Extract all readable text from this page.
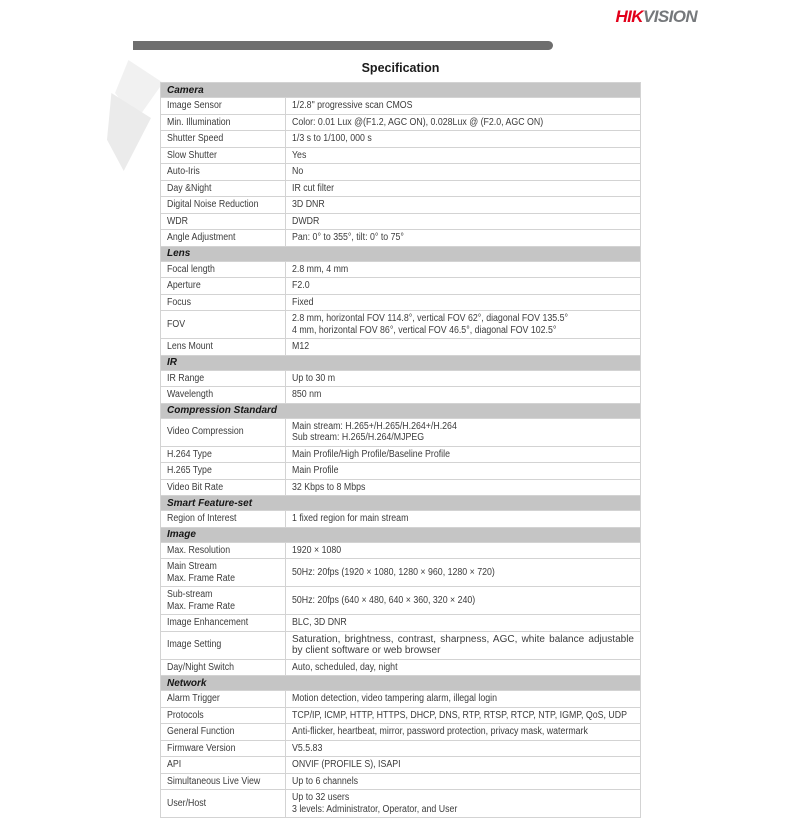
HIKVISION
Specification
Camera	
Image Sensor	1/2.8" progressive scan CMOS
Min. Illumination	Color: 0.01 Lux @(F1.2, AGC ON), 0.028Lux @ (F2.0, AGC ON)
Shutter Speed	1/3 s to 1/100, 000 s
Slow Shutter	Yes
Auto-Iris	No
Day &Night	IR cut filter
Digital Noise Reduction	3D DNR
WDR	DWDR
Angle Adjustment	Pan: 0° to 355°, tilt: 0° to 75°
Lens	
Focal length	2.8 mm, 4 mm
Aperture	F2.0
Focus	Fixed
FOV	2.8 mm, horizontal FOV 114.8°, vertical FOV 62°, diagonal FOV 135.5°
4 mm, horizontal FOV 86°, vertical FOV 46.5°, diagonal FOV 102.5°

Lens Mount	M12
IR	
IR Range	Up to 30 m
Wavelength	850 nm
Compression Standard	
Video Compression	Main stream: H.265+/H.265/H.264+/H.264
Sub stream: H.265/H.264/MJPEG

H.264 Type	Main Profile/High Profile/Baseline Profile
H.265 Type	Main Profile
Video Bit Rate	32 Kbps to 8 Mbps
Smart Feature-set	
Region of Interest	1 fixed region for main stream
Image	
Max. Resolution	1920 × 1080

Main Stream
Max. Frame Rate	50Hz: 20fps (1920 × 1080, 1280 × 960, 1280 × 720)

Sub-stream
Max. Frame Rate	50Hz: 20fps (640 × 480, 640 × 360, 320 × 240)
Image Enhancement	BLC, 3D DNR
Image Setting	Saturation, brightness, contrast, sharpness, AGC, white balance adjustable by client software or web browser
Day/Night Switch	Auto, scheduled, day, night
Network	
Alarm Trigger	Motion detection, video tampering alarm, illegal login
Protocols	TCP/IP, ICMP, HTTP, HTTPS, DHCP, DNS, RTP, RTSP, RTCP, NTP, IGMP, QoS, UDP
General Function	Anti-flicker, heartbeat, mirror, password protection, privacy mask, watermark
Firmware Version	V5.5.83
API	ONVIF (PROFILE S), ISAPI
Simultaneous Live View	Up to 6 channels
User/Host	Up to 32 users
3 levels: Administrator, Operator, and User
